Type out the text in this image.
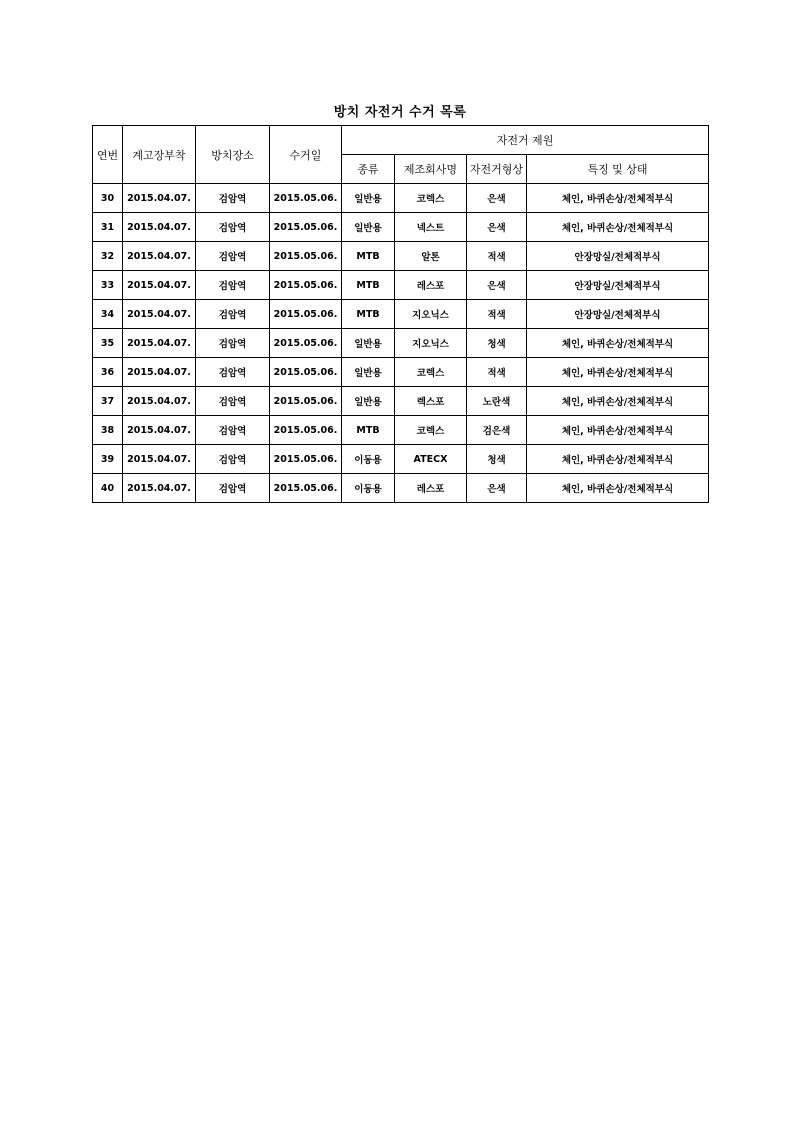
방치 자전거 수거 목록
연번	계고장부착	방치장소	수거일	자전거 제원			
				종류	제조회사명	자전거형상	특징 및 상태
30	2015.04.07.	검암역	2015.05.06.	일반용	코렉스	은색	체인, 바퀴손상/전체적부식
31	2015.04.07.	검암역	2015.05.06.	일반용	넥스트	은색	체인, 바퀴손상/전체적부식
32	2015.04.07.	검암역	2015.05.06.	MTB	알톤	적색	안장망실/전체적부식
33	2015.04.07.	검암역	2015.05.06.	MTB	레스포	은색	안장망실/전체적부식
34	2015.04.07.	검암역	2015.05.06.	MTB	지오닉스	적색	안장망실/전체적부식
35	2015.04.07.	검암역	2015.05.06.	일반용	지오닉스	청색	체인, 바퀴손상/전체적부식
36	2015.04.07.	검암역	2015.05.06.	일반용	코렉스	적색	체인, 바퀴손상/전체적부식
37	2015.04.07.	검암역	2015.05.06.	일반용	렉스포	노란색	체인, 바퀴손상/전체적부식
38	2015.04.07.	검암역	2015.05.06.	MTB	코렉스	검은색	체인, 바퀴손상/전체적부식
39	2015.04.07.	검암역	2015.05.06.	이동용	ATECX	청색	체인, 바퀴손상/전체적부식
40	2015.04.07.	검암역	2015.05.06.	이동용	레스포	은색	체인, 바퀴손상/전체적부식
